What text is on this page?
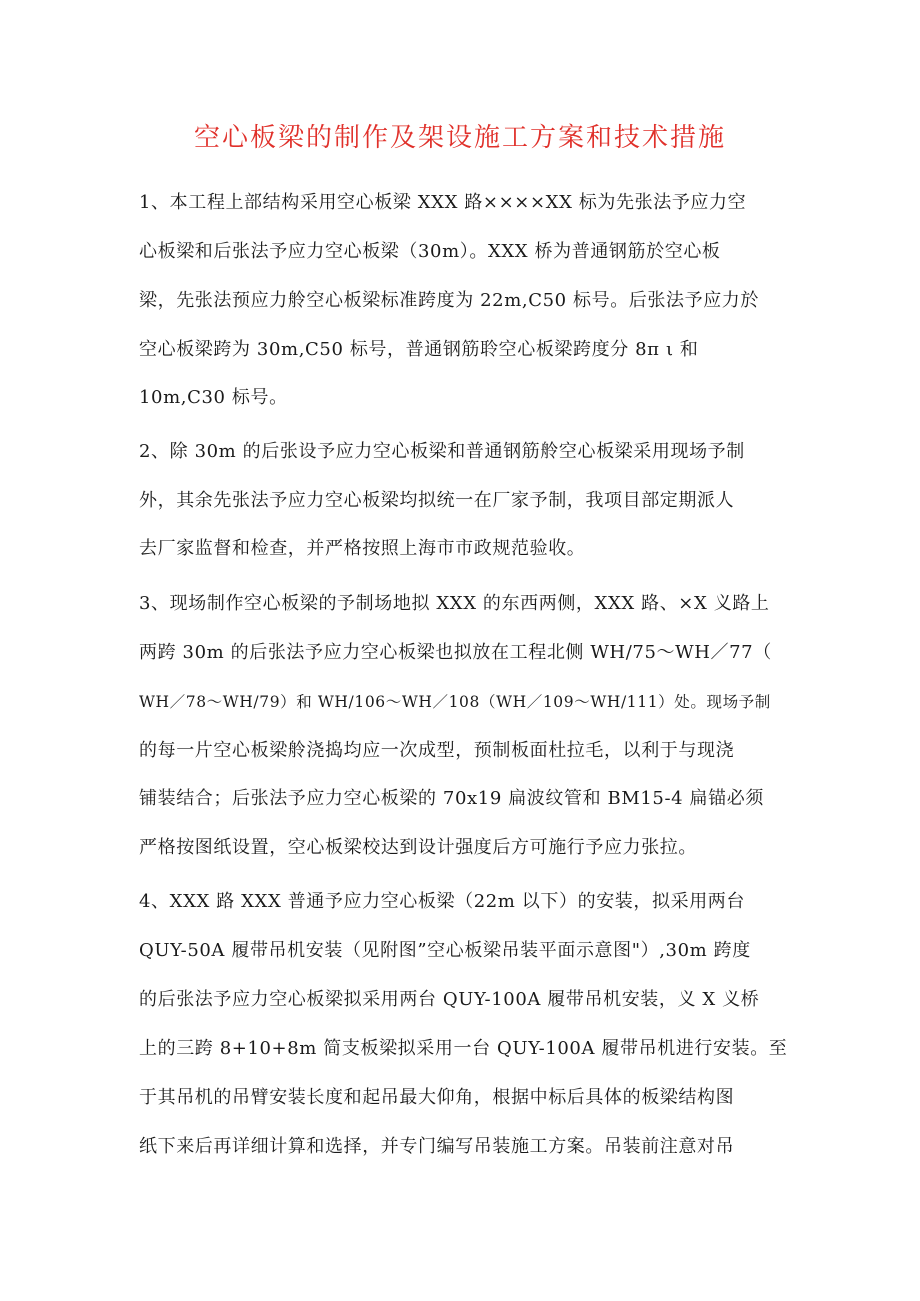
空心板梁的制作及架设施工方案和技术措施
1、本工程上部结构采用空心板梁 XXX 路××××XX 标为先张法予应力空
心板梁和后张法予应力空心板梁（30m）。XXX 桥为普通钢筋於空心板
梁，先张法预应力舲空心板梁标准跨度为 22m,C50 标号。后张法予应力於
空心板梁跨为 30m,C50 标号，普通钢筋聆空心板梁跨度分 8π ι 和
10m,C30 标号。
2、除 30m 的后张设予应力空心板梁和普通钢筋舲空心板梁采用现场予制
外，其余先张法予应力空心板梁均拟统一在厂家予制，我项目部定期派人
去厂家监督和检查，并严格按照上海市市政规范验收。
3、现场制作空心板梁的予制场地拟 XXX 的东西两侧，XXX 路、×X 义路上
两跨 30m 的后张法予应力空心板梁也拟放在工程北侧 WH/75～WH／77（
WH／78～WH/79）和 WH/106～WH／108（WH／109～WH/111）处。现场予制
的每一片空心板梁舲浇捣均应一次成型，预制板面杜拉毛，以利于与现浇
铺装结合；后张法予应力空心板梁的 70x19 扁波纹管和 BM15-4 扁锚必须
严格按图纸设置，空心板梁校达到设计强度后方可施行予应力张拉。
4、XXX 路 XXX 普通予应力空心板梁（22m 以下）的安装，拟采用两台
QUY-50A 履带吊机安装（见附图”空心板梁吊装平面示意图"）,30m 跨度
的后张法予应力空心板梁拟采用两台 QUY-100A 履带吊机安装，义 X 义桥
上的三跨 8+10+8m 简支板梁拟采用一台 QUY-100A 履带吊机进行安装。至
于其吊机的吊臂安装长度和起吊最大仰角，根据中标后具体的板梁结构图
纸下来后再详细计算和选择，并专门编写吊装施工方案。吊装前注意对吊
